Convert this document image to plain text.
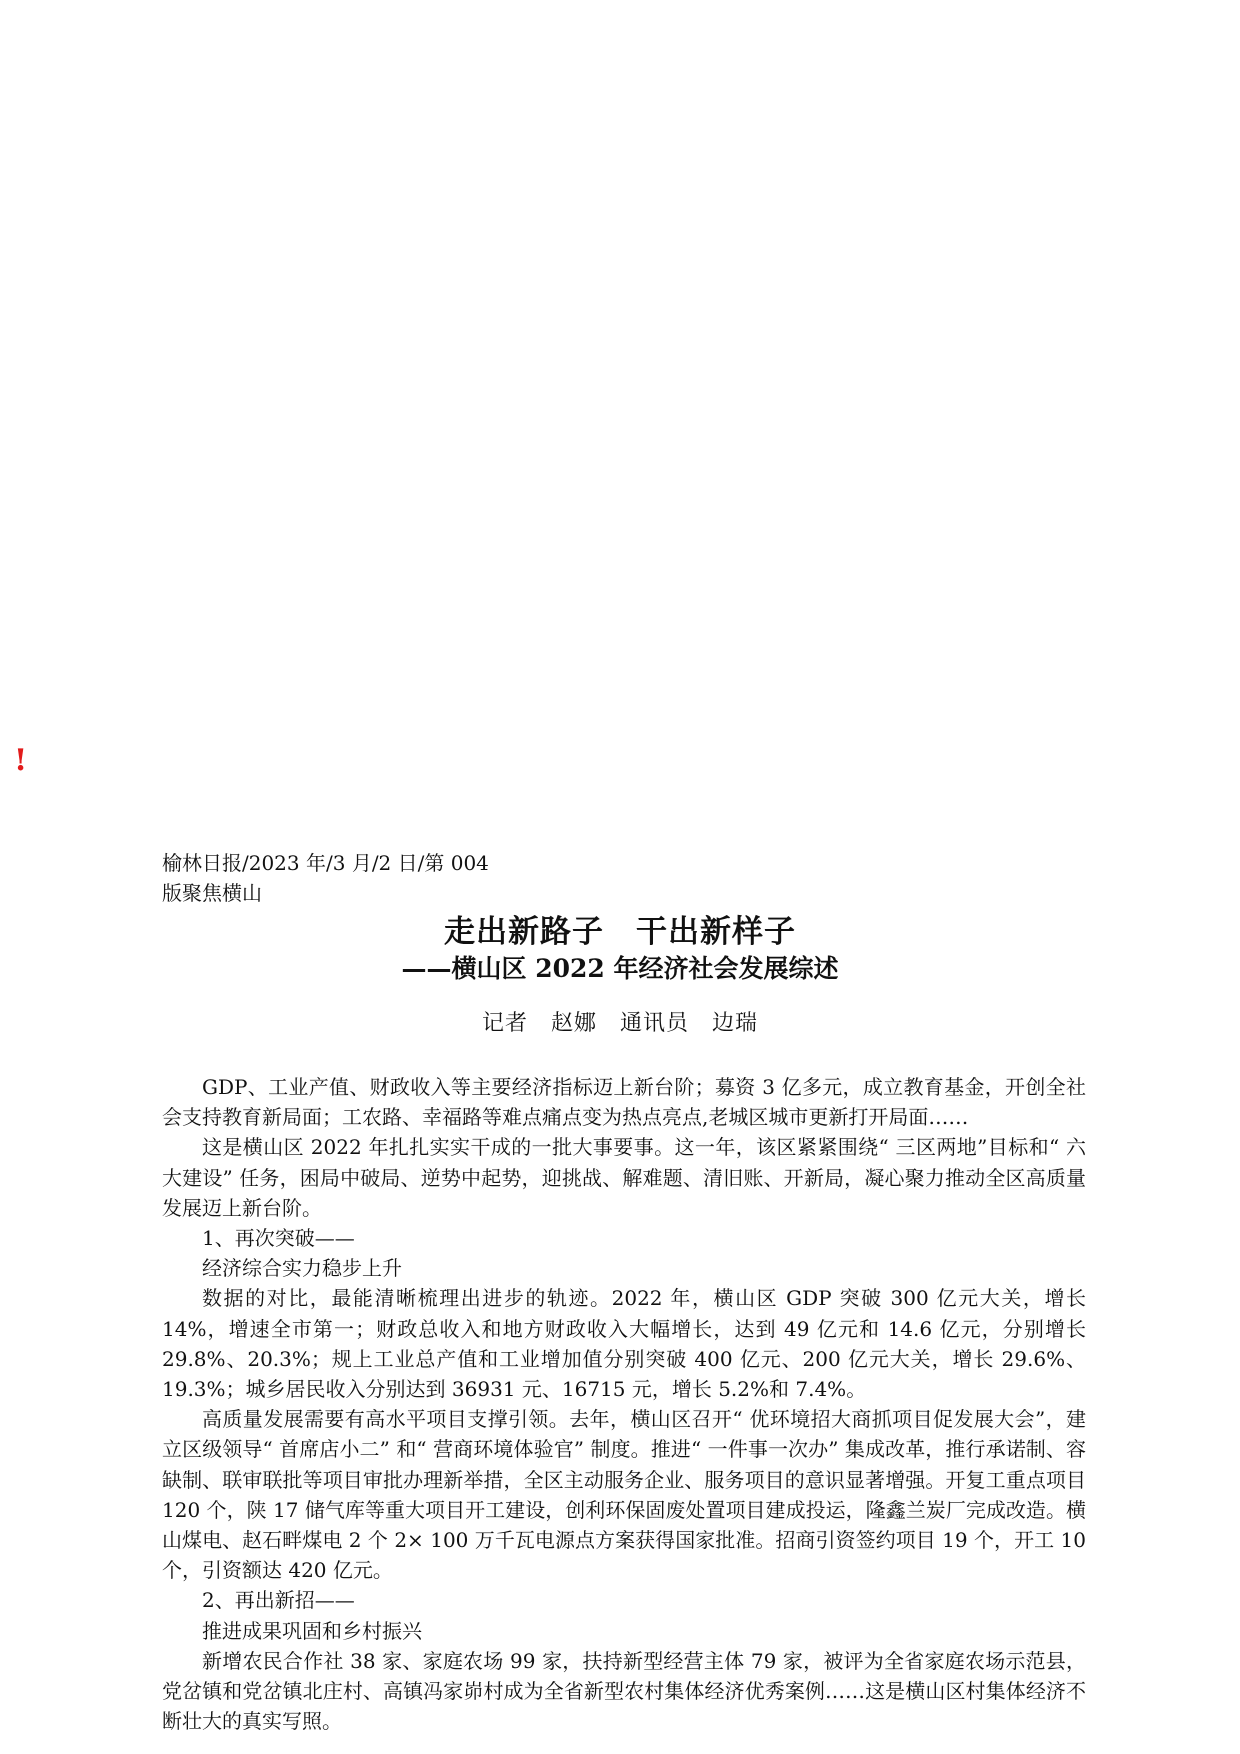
!
榆林日报/2023 年/3 月/2 日/第 004
版聚焦横山
走出新路子　干出新样子
——横山区 2022 年经济社会发展综述
记者　赵娜　通讯员　边瑞

GDP、工业产值、财政收入等主要经济指标迈上新台阶；募资 3 亿多元，成立教育基金，开创全社会支持教育新局面；工农路、幸福路等难点痛点变为热点亮点,老城区城市更新打开局面……

这是横山区 2022 年扎扎实实干成的一批大事要事。这一年，该区紧紧围绕“ 三区两地”目标和“ 六大建设” 任务，困局中破局、逆势中起势，迎挑战、解难题、清旧账、开新局，凝心聚力推动全区高质量发展迈上新台阶。

1、再次突破——

经济综合实力稳步上升

数据的对比，最能清晰梳理出进步的轨迹。2022 年，横山区 GDP 突破 300 亿元大关，增长 14%，增速全市第一；财政总收入和地方财政收入大幅增长，达到 49 亿元和 14.6 亿元，分别增长 29.8%、20.3%；规上工业总产值和工业增加值分别突破 400 亿元、200 亿元大关，增长 29.6%、19.3%；城乡居民收入分别达到 36931 元、16715 元，增长 5.2%和 7.4%。

高质量发展需要有高水平项目支撑引领。去年，横山区召开“ 优环境招大商抓项目促发展大会”，建立区级领导“ 首席店小二” 和“ 营商环境体验官” 制度。推进“ 一件事一次办” 集成改革，推行承诺制、容缺制、联审联批等项目审批办理新举措，全区主动服务企业、服务项目的意识显著增强。开复工重点项目 120 个，陕 17 储气库等重大项目开工建设，创利环保固废处置项目建成投运，隆鑫兰炭厂完成改造。横山煤电、赵石畔煤电 2 个 2× 100 万千瓦电源点方案获得国家批准。招商引资签约项目 19 个，开工 10 个，引资额达 420 亿元。

2、再出新招——

推进成果巩固和乡村振兴

新增农民合作社 38 家、家庭农场 99 家，扶持新型经营主体 79 家，被评为全省家庭农场示范县，党岔镇和党岔镇北庄村、高镇冯家峁村成为全省新型农村集体经济优秀案例……这是横山区村集体经济不断壮大的真实写照。
